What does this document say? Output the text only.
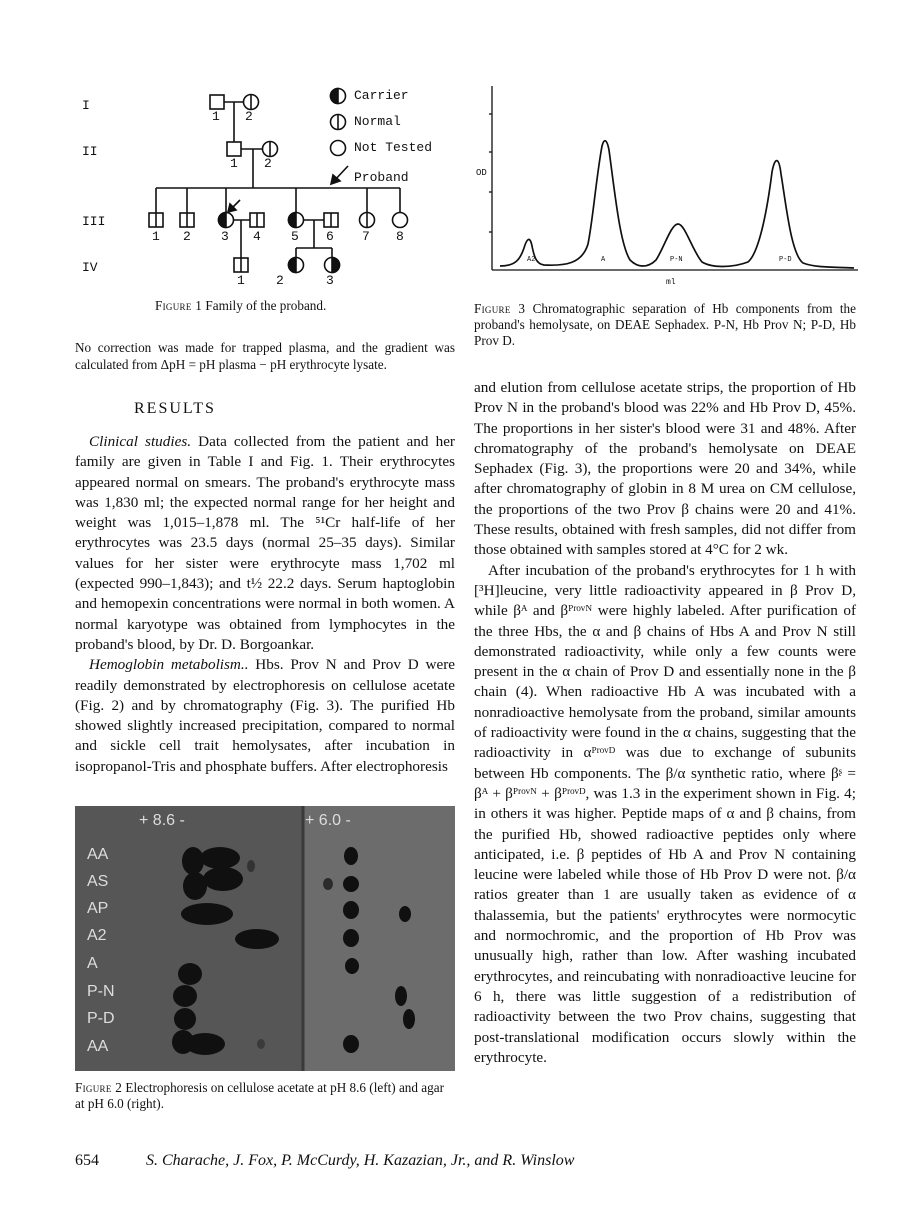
I
II
III
IV
1 2
1 2
1 2 3 4 5 6 7 8
1 2	3
Carrier
Normal
Not Tested
Proband
Figure 1 Family of the proband.
OD
A2	A	P-N	P-D
ml
Figure 3 Chromatographic separation of Hb components from the proband's hemolysate, on DEAE Sephadex. P-N, Hb Prov N; P-D, Hb Prov D.

No correction was made for trapped plasma, and the gradient was calculated from ΔpH = pH plasma − pH erythrocyte lysate.

RESULTS

Clinical studies. Data collected from the patient and her family are given in Table I and Fig. 1. Their erythrocytes appeared normal on smears. The proband's erythrocyte mass was 1,830 ml; the expected normal range for her height and weight was 1,015–1,878 ml. The ⁵¹Cr half-life of her erythrocytes was 23.5 days (normal 25–35 days). Similar values for her sister were erythrocyte mass 1,702 ml (expected 990–1,843); and t½ 22.2 days. Serum haptoglobin and hemopexin concentrations were normal in both women. A normal karyotype was obtained from lymphocytes in the proband's blood, by Dr. D. Borgoankar.

Hemoglobin metabolism.. Hbs. Prov N and Prov D were readily demonstrated by electrophoresis on cellulose acetate (Fig. 2) and by chromatography (Fig. 3). The purified Hb showed slightly increased precipitation, compared to normal and sickle cell trait hemolysates, after incubation in isopropanol-Tris and phosphate buffers. After electrophoresis

+ 8.6 -	+ 6.0 -
AA
AS
AP
A2
A
P-N
P-D
AA
Figure 2 Electrophoresis on cellulose acetate at pH 8.6 (left) and agar at pH 6.0 (right).

and elution from cellulose acetate strips, the proportion of Hb Prov N in the proband's blood was 22% and Hb Prov D, 45%. The proportions in her sister's blood were 31 and 48%. After chromatography of the proband's hemolysate on DEAE Sephadex (Fig. 3), the proportions were 20 and 34%, while after chromatography of globin in 8 M urea on CM cellulose, the proportions of the two Prov β chains were 20 and 41%. These results, obtained with fresh samples, did not differ from those obtained with samples stored at 4°C for 2 wk.

After incubation of the proband's erythrocytes for 1 h with [³H]leucine, very little radioactivity appeared in β Prov D, while βᴬ and βᴾʳᵒᵛᴺ were highly labeled. After purification of the three Hbs, the α and β chains of Hbs A and Prov N still demonstrated radioactivity, while only a few counts were present in the α chain of Prov D and essentially none in the β chain (4). When radioactive Hb A was incubated with a nonradioactive hemolysate from the proband, similar amounts of radioactivity were found in the α chains, suggesting that the radioactivity in αᴾʳᵒᵛᴰ was due to exchange of subunits between Hb components. The β/α synthetic ratio, where βᶳ = βᴬ + βᴾʳᵒᵛᴺ + βᴾʳᵒᵛᴰ, was 1.3 in the experiment shown in Fig. 4; in others it was higher. Peptide maps of α and β chains, from the purified Hb, showed radioactive peptides only where anticipated, i.e. β peptides of Hb A and Prov N containing leucine were labeled while those of Hb Prov D were not. β/α ratios greater than 1 are usually taken as evidence of α thalassemia, but the patients' erythrocytes were normocytic and normochromic, and the proportion of Hb Prov was unusually high, rather than low. After washing incubated erythrocytes, and reincubating with nonradioactive leucine for 6 h, there was little suggestion of a redistribution of radioactivity between the two Prov chains, suggesting that post-translational modification occurs slowly within the erythrocyte.

654	S. Charache, J. Fox, P. McCurdy, H. Kazazian, Jr., and R. Winslow
